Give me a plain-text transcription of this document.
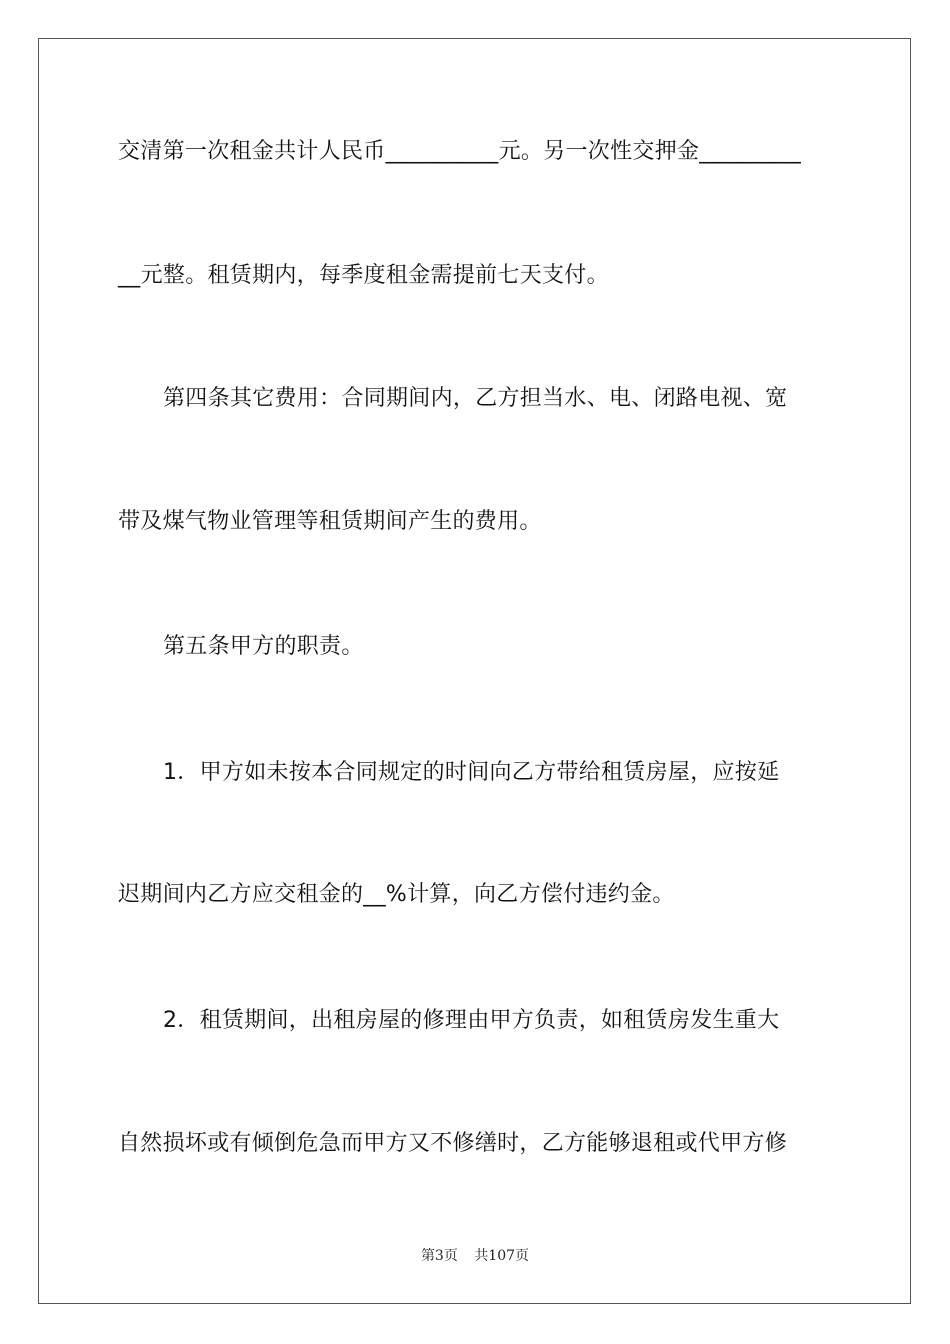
交清第一次租金共计人民币__________元。另一次性交押金_________
__元整。租赁期内，每季度租金需提前七天支付。
第四条其它费用：合同期间内，乙方担当水、电、闭路电视、宽
带及煤气物业管理等租赁期间产生的费用。
第五条甲方的职责。
1．甲方如未按本合同规定的时间向乙方带给租赁房屋，应按延
迟期间内乙方应交租金的__%计算，向乙方偿付违约金。
2．租赁期间，出租房屋的修理由甲方负责，如租赁房发生重大
自然损坏或有倾倒危急而甲方又不修缮时，乙方能够退租或代甲方修
第3页 共107页
